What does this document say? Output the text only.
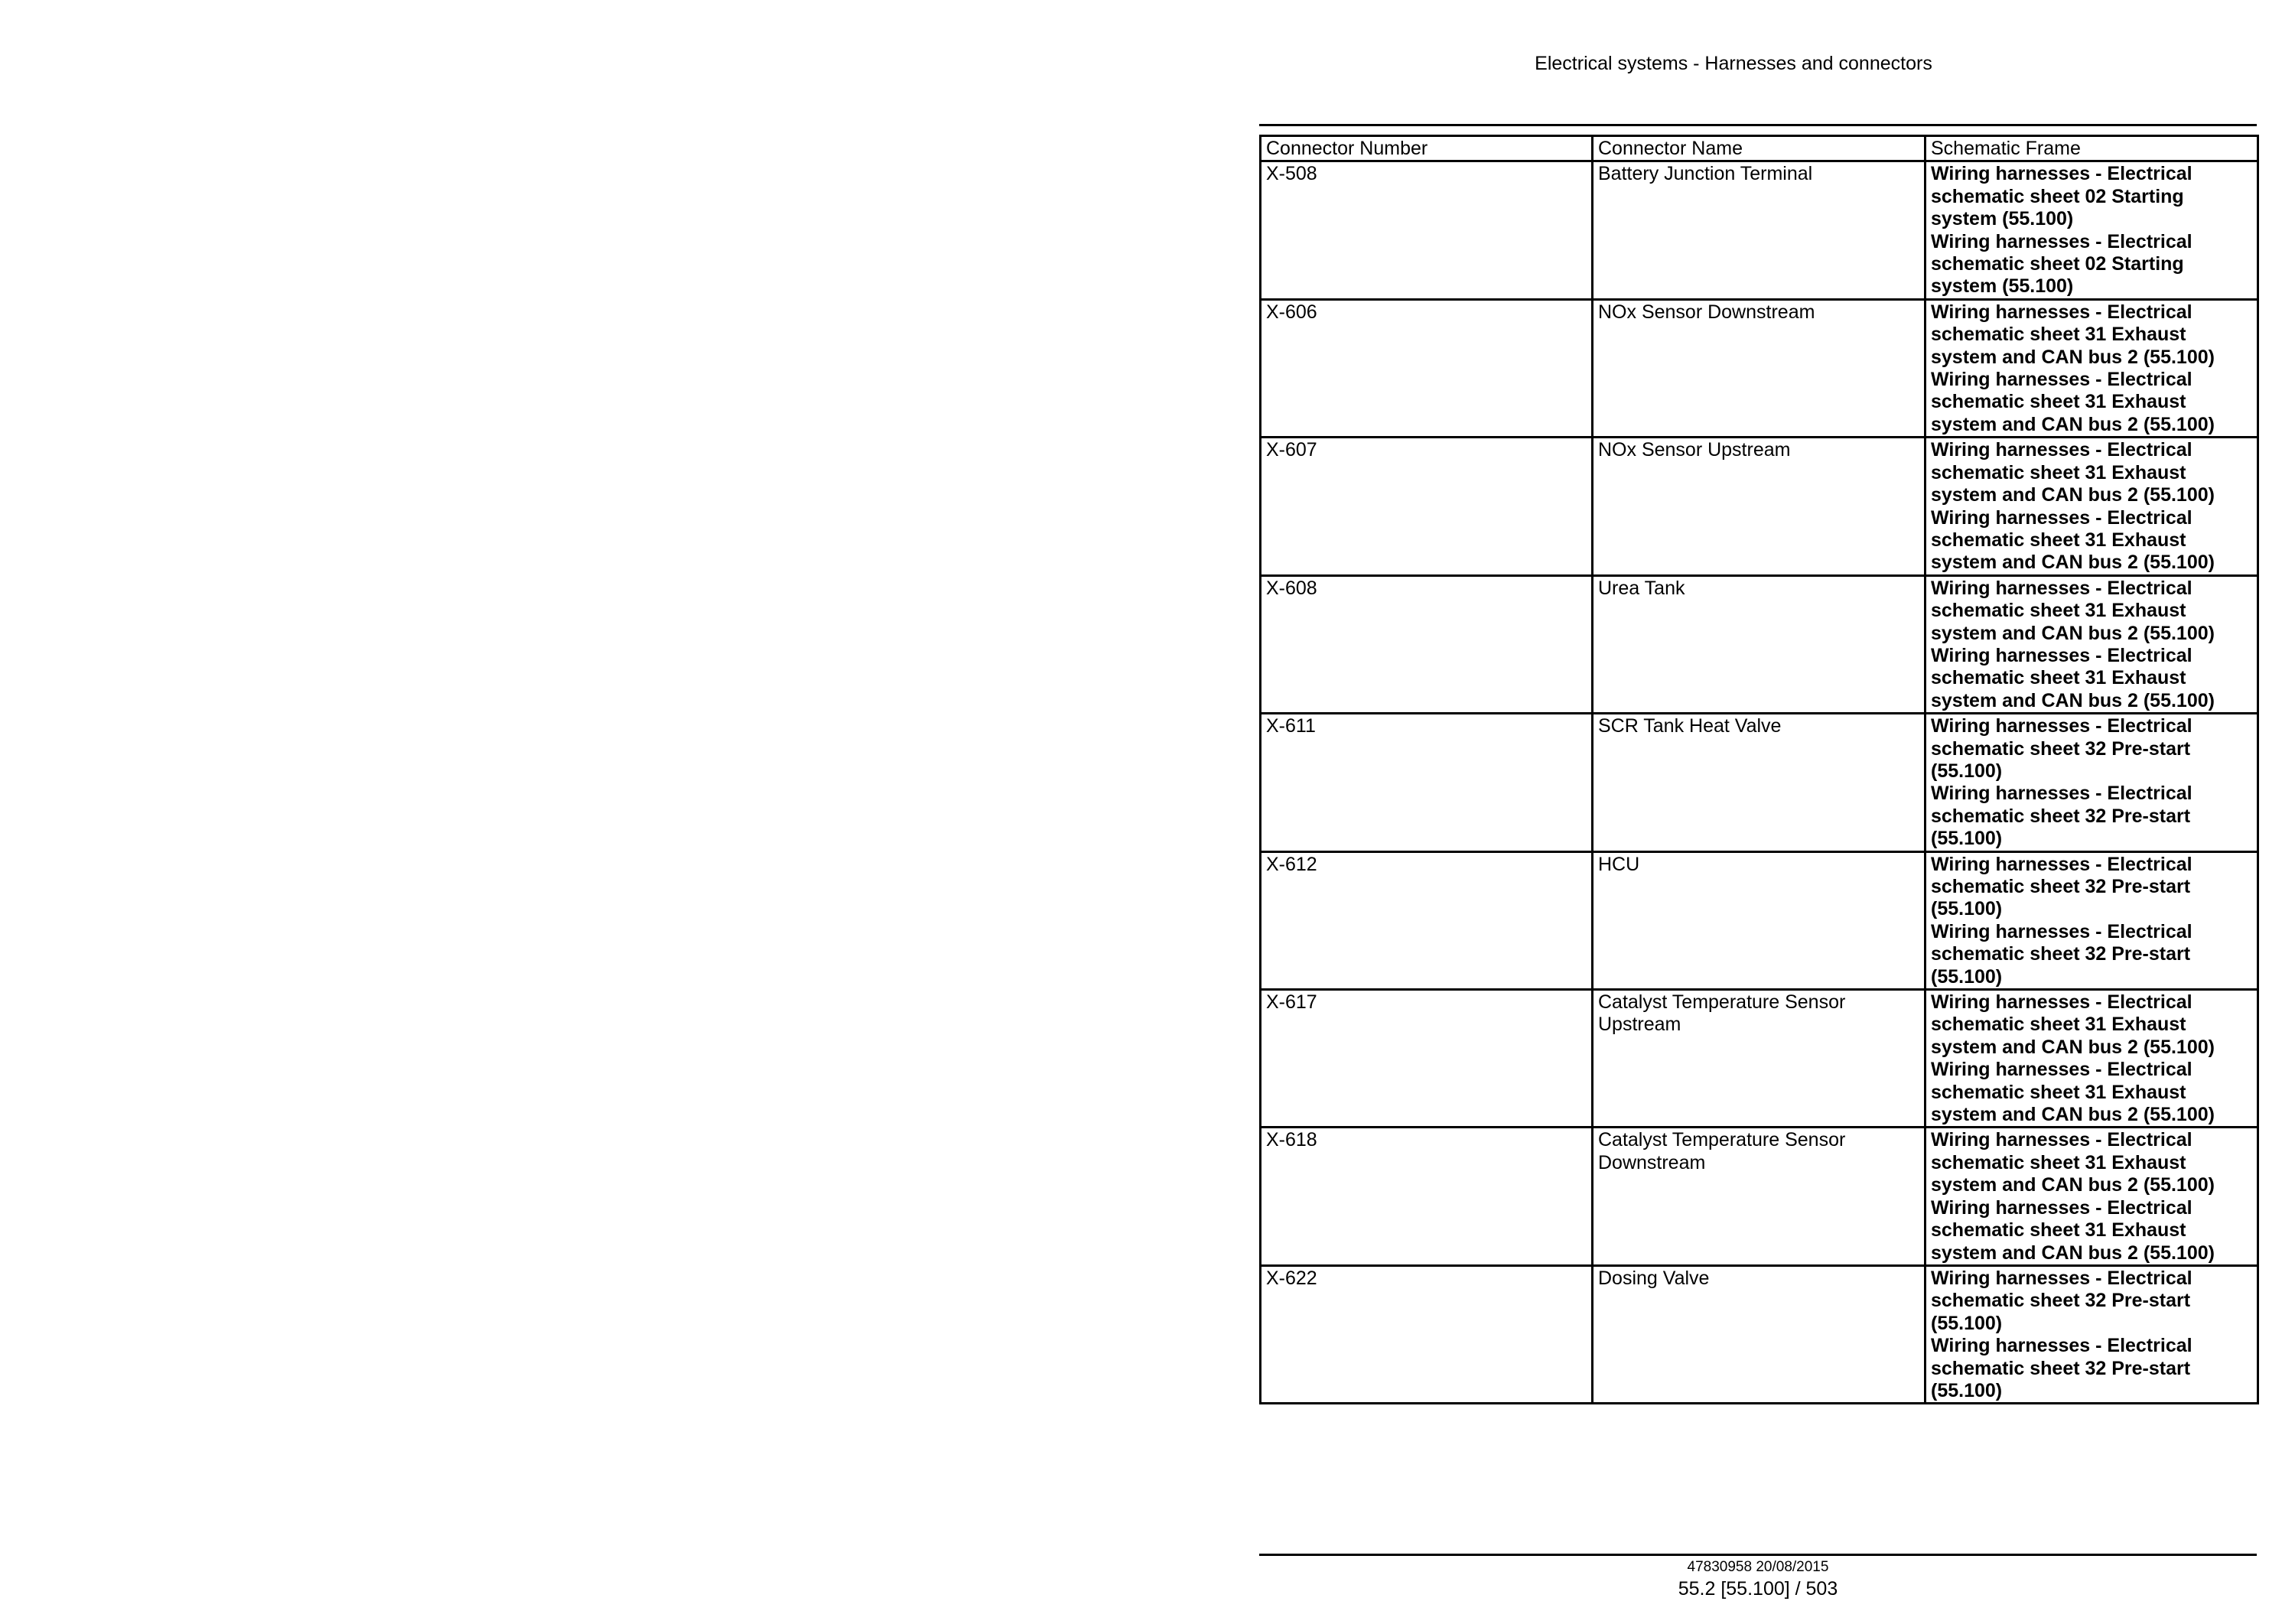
Electrical systems - Harnesses and connectors
Connector Number	Connector Name	Schematic Frame
X-508	Battery Junction Terminal	Wiring harnesses - Electrical schematic sheet 02 Starting system (55.100)
Wiring harnesses - Electrical schematic sheet 02 Starting system (55.100)

X-606	NOx Sensor Downstream	Wiring harnesses - Electrical schematic sheet 31 Exhaust system and CAN bus 2 (55.100)
Wiring harnesses - Electrical schematic sheet 31 Exhaust system and CAN bus 2 (55.100)

X-607	NOx Sensor Upstream	Wiring harnesses - Electrical schematic sheet 31 Exhaust system and CAN bus 2 (55.100)
Wiring harnesses - Electrical schematic sheet 31 Exhaust system and CAN bus 2 (55.100)

X-608	Urea Tank	Wiring harnesses - Electrical schematic sheet 31 Exhaust system and CAN bus 2 (55.100)
Wiring harnesses - Electrical schematic sheet 31 Exhaust system and CAN bus 2 (55.100)

X-611	SCR Tank Heat Valve	Wiring harnesses - Electrical schematic sheet 32 Pre-start (55.100)
Wiring harnesses - Electrical schematic sheet 32 Pre-start (55.100)

X-612	HCU	Wiring harnesses - Electrical schematic sheet 32 Pre-start (55.100)
Wiring harnesses - Electrical schematic sheet 32 Pre-start (55.100)

X-617	Catalyst Temperature Sensor Upstream	Wiring harnesses - Electrical schematic sheet 31 Exhaust system and CAN bus 2 (55.100)
Wiring harnesses - Electrical schematic sheet 31 Exhaust system and CAN bus 2 (55.100)

X-618	Catalyst Temperature Sensor Downstream	Wiring harnesses - Electrical schematic sheet 31 Exhaust system and CAN bus 2 (55.100)
Wiring harnesses - Electrical schematic sheet 31 Exhaust system and CAN bus 2 (55.100)

X-622	Dosing Valve	Wiring harnesses - Electrical schematic sheet 32 Pre-start (55.100)
Wiring harnesses - Electrical schematic sheet 32 Pre-start (55.100)
47830958 20/08/2015
55.2 [55.100] / 503
